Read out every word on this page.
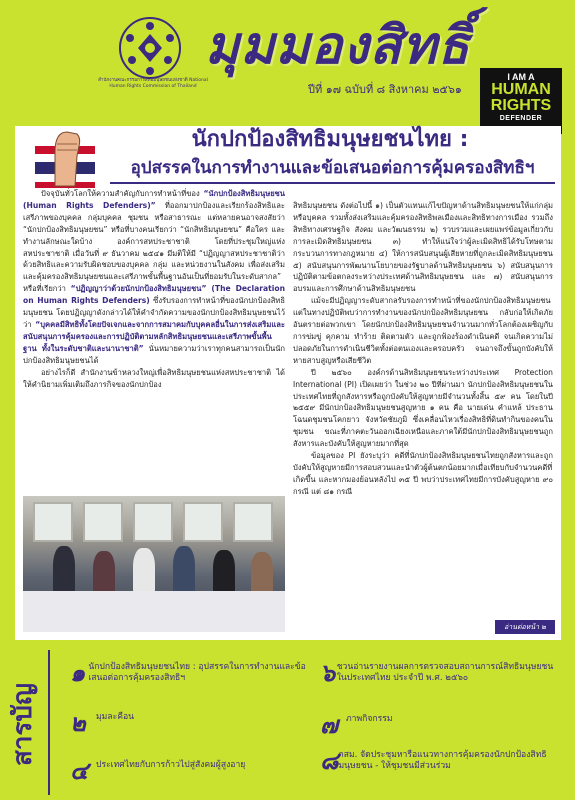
สำนักงานคณะกรรมการสิทธิมนุษยชนแห่งชาติ National Human Rights Commission of Thailand
มุมมองสิทธิ์
ปีที่ ๑๗ ฉบับที่ ๘ สิงหาคม ๒๕๖๑
I AM A
HUMAN
RIGHTS
DEFENDER
นักปกป้องสิทธิมนุษยชนไทย :
อุปสรรคในการทำงานและข้อเสนอต่อการคุ้มครองสิทธิฯ

ปัจจุบันทั่วโลกให้ความสำคัญกับการทำหน้าที่ของ “นักปกป้องสิทธิมนุษยชน (Human Rights Defenders)” ที่ออกมาปกป้องและเรียกร้องสิทธิและเสรีภาพของบุคคล กลุ่มบุคคล ชุมชน หรือสาธารณะ แต่หลายคนอาจสงสัยว่า “นักปกป้องสิทธิมนุษยชน” หรือที่บางคนเรียกว่า “นักสิทธิมนุษยชน” คือใคร และทำงานลักษณะใดบ้าง องค์การสหประชาชาติ โดยที่ประชุมใหญ่แห่งสหประชาชาติ เมื่อวันที่ ๙ ธันวาคม ๒๕๔๑ มีมติให้มี “ปฏิญญาสหประชาชาติว่าด้วยสิทธิและความรับผิดชอบของบุคคล กลุ่ม และหน่วยงานในสังคม เพื่อส่งเสริมและคุ้มครองสิทธิมนุษยชนและเสรีภาพขั้นพื้นฐานอันเป็นที่ยอมรับในระดับสากล” หรือที่เรียกว่า “ปฏิญญาว่าด้วยนักปกป้องสิทธิมนุษยชน” (The Declaration on Human Rights Defenders) ซึ่งรับรองการทำหน้าที่ของนักปกป้องสิทธิมนุษยชน โดยปฏิญญาดังกล่าวได้ให้คำจำกัดความของนักปกป้องสิทธิมนุษยชนไว้ว่า “บุคคลมีสิทธิทั้งโดยปัจเจกและจากการสมาคมกับบุคคลอื่นในการส่งเสริมและสนับสนุนการคุ้มครองและการปฏิบัติตามหลักสิทธิมนุษยชนและเสรีภาพขั้นพื้นฐาน ทั้งในระดับชาติและนานาชาติ” นั่นหมายความว่าเราทุกคนสามารถเป็นนักปกป้องสิทธิมนุษยชนได้

อย่างไรก็ดี สำนักงานข้าหลวงใหญ่เพื่อสิทธิมนุษยชนแห่งสหประชาชาติ ได้ให้คำนิยามเพิ่มเติมถึงภารกิจของนักปกป้อง

สิทธิมนุษยชน ดังต่อไปนี้ ๑) เป็นตัวแทนแก้ไขปัญหาด้านสิทธิมนุษยชนให้แก่กลุ่มหรือบุคคล รวมทั้งส่งเสริมและคุ้มครองสิทธิพลเมืองและสิทธิทางการเมือง รวมถึงสิทธิทางเศรษฐกิจ สังคม และวัฒนธรรม ๒) รวบรวมและเผยแพร่ข้อมูลเกี่ยวกับการละเมิดสิทธิมนุษยชน ๓) ทำให้แน่ใจว่าผู้ละเมิดสิทธิได้รับโทษตามกระบวนการทางกฎหมาย ๔) ให้การสนับสนุนผู้เสียหายที่ถูกละเมิดสิทธิมนุษยชน ๕) สนับสนุนการพัฒนานโยบายของรัฐบาลด้านสิทธิมนุษยชน ๖) สนับสนุนการปฏิบัติตามข้อตกลงระหว่างประเทศด้านสิทธิมนุษยชน และ ๗) สนับสนุนการอบรมและการศึกษาด้านสิทธิมนุษยชน

แม้จะมีปฏิญญาระดับสากลรับรองการทำหน้าที่ของนักปกป้องสิทธิมนุษยชน แต่ในทางปฏิบัติพบว่าการทำงานของนักปกป้องสิทธิมนุษยชน กลับก่อให้เกิดภัยอันตรายต่อพวกเขา โดยนักปกป้องสิทธิมนุษยชนจำนวนมากทั่วโลกต้องเผชิญกับการข่มขู่ คุกคาม ทำร้าย ติดตามตัว และถูกฟ้องร้องดำเนินคดี จนเกิดความไม่ปลอดภัยในการดำเนินชีวิตทั้งต่อตนเองและครอบครัว จนอาจถึงขั้นถูกบังคับให้หายสาบสูญหรือเสียชีวิต

ปี ๒๕๖๐ องค์กรด้านสิทธิมนุษยชนระหว่างประเทศ Protection International (PI) เปิดเผยว่า ในช่วง ๒๐ ปีที่ผ่านมา นักปกป้องสิทธิมนุษยชนในประเทศไทยที่ถูกสังหารหรือถูกบังคับให้สูญหายมีจำนวนทั้งสิ้น ๕๙ คน โดยในปี ๒๕๕๙ มีนักปกป้องสิทธิมนุษยชนสูญหาย ๑ คน คือ นายเด่น คำแหล้ ประธานโฉนดชุมชนโคกยาว จังหวัดชัยภูมิ ซึ่งเคลื่อนไหวเรื่องสิทธิที่ดินทำกินของคนในชุมชน ขณะที่ภาคตะวันออกเฉียงเหนือและภาคใต้มีนักปกป้องสิทธิมนุษยชนถูกสังหารและบังคับให้สูญหายมากที่สุด

ข้อมูลของ PI ยังระบุว่า คดีที่นักปกป้องสิทธิมนุษยชนไทยถูกสังหารและถูกบังคับให้สูญหายมีการสอบสวนและนำตัวผู้ต้นตกน้อยมากเมื่อเทียบกับจำนวนคดีที่เกิดขึ้น และหากมองย้อนหลังไป ๓๕ ปี พบว่าประเทศไทยมีการบังคับสูญหาย ๙๐ กรณี แต่ ๘๑ กรณี

อ่านต่อหน้า ๒
สารบัญ
๑ นักปกป้องสิทธิมนุษยชนไทย : อุปสรรคในการทำงานและข้อเสนอต่อการคุ้มครองสิทธิฯ
๒	มุมละคือน
๔ ประเทศไทยกับการก้าวไปสู่สังคมผู้สูงอายุ
๖ ชวนอ่านรายงานผลการตรวจสอบสถานการณ์สิทธิมนุษยชนในประเทศไทย ประจำปี พ.ศ. ๒๕๖๐
๗ ภาพกิจกรรม
๘ กสม. จัดประชุมหารือแนวทางการคุ้มครองนักปกป้องสิทธิมนุษยชน - ให้ชุมชนมีส่วนร่วม
